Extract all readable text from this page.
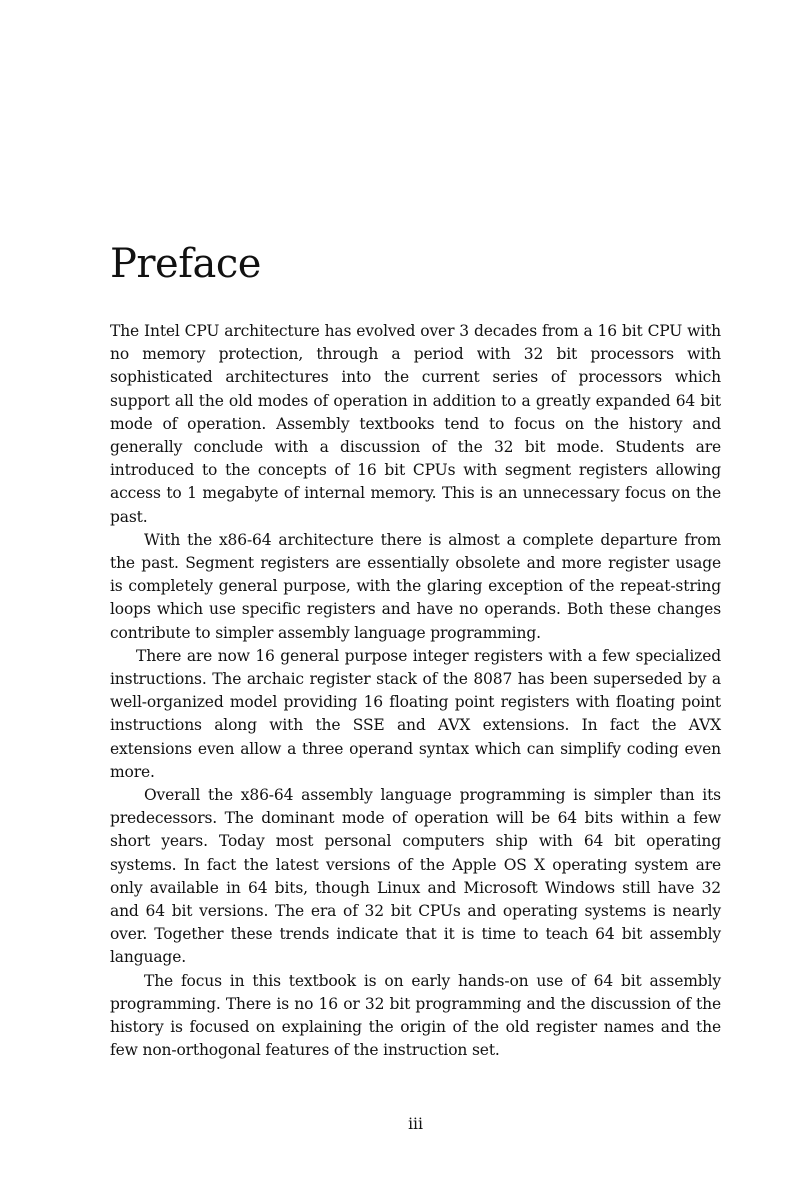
Preface

The Intel CPU architecture has evolved over 3 decades from a 16 bit CPU with no memory protection, through a period with 32 bit processors with sophisticated architectures into the current series of processors which support all the old modes of operation in addition to a greatly expanded 64 bit mode of operation. Assembly textbooks tend to focus on the history and generally conclude with a discussion of the 32 bit mode. Students are introduced to the concepts of 16 bit CPUs with segment registers allowing access to 1 megabyte of internal memory. This is an unnecessary focus on the past.

With the x86-64 architecture there is almost a complete departure from the past. Segment registers are essentially obsolete and more register usage is completely general purpose, with the glaring exception of the repeat-string loops which use specific registers and have no operands. Both these changes contribute to simpler assembly language programming.

There are now 16 general purpose integer registers with a few specialized instructions. The archaic register stack of the 8087 has been superseded by a well-organized model providing 16 floating point registers with floating point instructions along with the SSE and AVX extensions. In fact the AVX extensions even allow a three operand syntax which can simplify coding even more.

Overall the x86-64 assembly language programming is simpler than its predecessors. The dominant mode of operation will be 64 bits within a few short years. Today most personal computers ship with 64 bit operating systems. In fact the latest versions of the Apple OS X operating system are only available in 64 bits, though Linux and Microsoft Windows still have 32 and 64 bit versions. The era of 32 bit CPUs and operating systems is nearly over. Together these trends indicate that it is time to teach 64 bit assembly language.

The focus in this textbook is on early hands-on use of 64 bit assembly programming. There is no 16 or 32 bit programming and the discussion of the history is focused on explaining the origin of the old register names and the few non-orthogonal features of the instruction set.

iii
